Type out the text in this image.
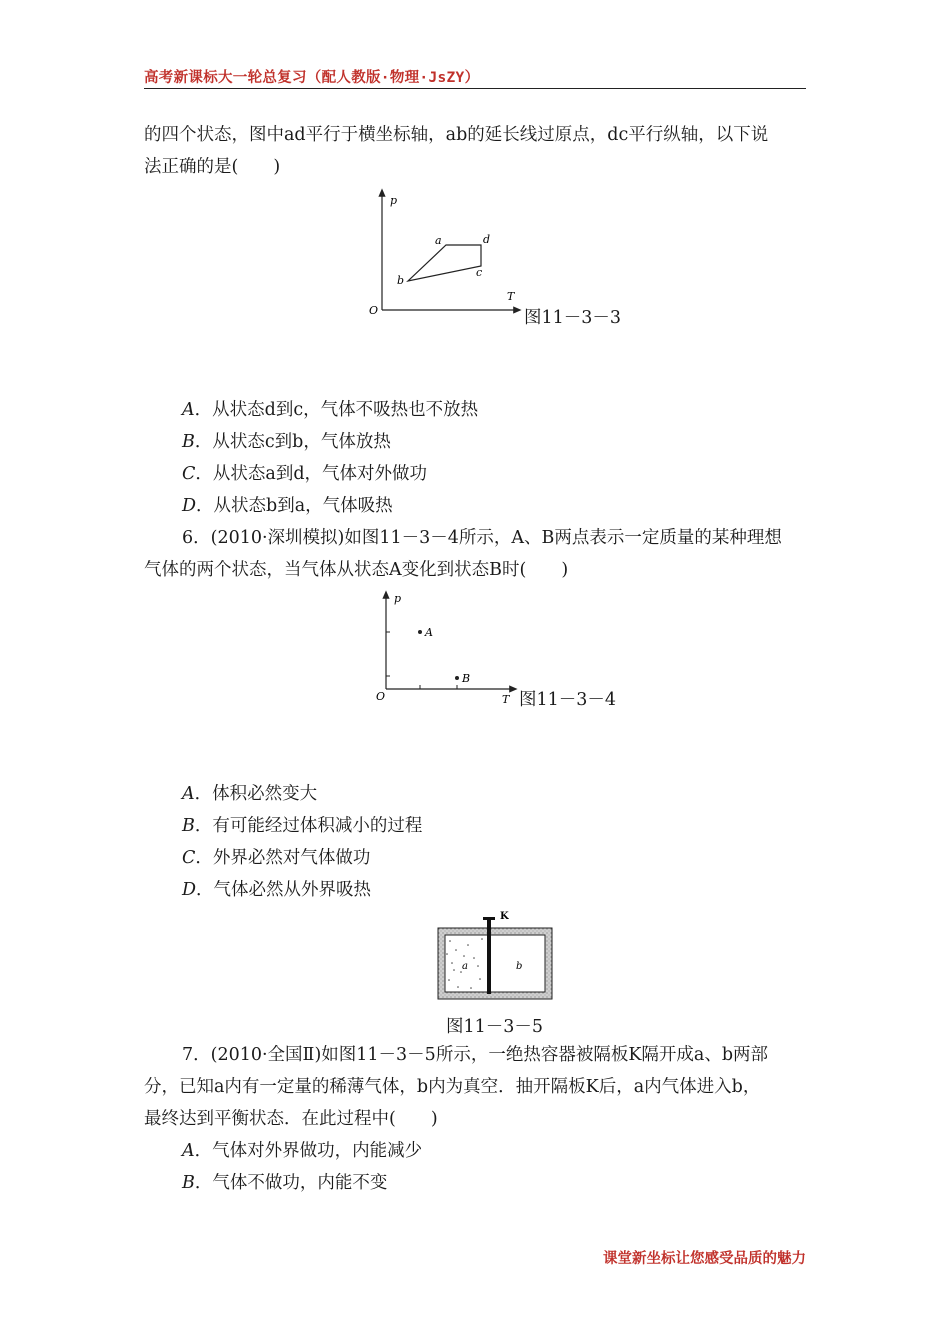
高考新课标大一轮总复习（配人教版·物理·JsZY）
的四个状态，图中ad平行于横坐标轴，ab的延长线过原点，dc平行纵轴，以下说
法正确的是(　　)
p
T
O
a	d
c
b
图11－3－3
A．从状态d到c，气体不吸热也不放热
B．从状态c到b，气体放热
C．从状态a到d，气体对外做功
D．从状态b到a，气体吸热
6．(2010·深圳模拟)如图11－3－4所示，A、B两点表示一定质量的某种理想
气体的两个状态，当气体从状态A变化到状态B时(　　)
p
T
O
A
B
图11－3－4
A．体积必然变大
B．有可能经过体积减小的过程
C．外界必然对气体做功
D．气体必然从外界吸热
K
a	b
图11－3－5
7．(2010·全国Ⅱ)如图11－3－5所示，一绝热容器被隔板K隔开成a、b两部
分，已知a内有一定量的稀薄气体，b内为真空．抽开隔板K后，a内气体进入b，
最终达到平衡状态．在此过程中(　　)
A．气体对外界做功，内能减少
B．气体不做功，内能不变
课堂新坐标让您感受品质的魅力
